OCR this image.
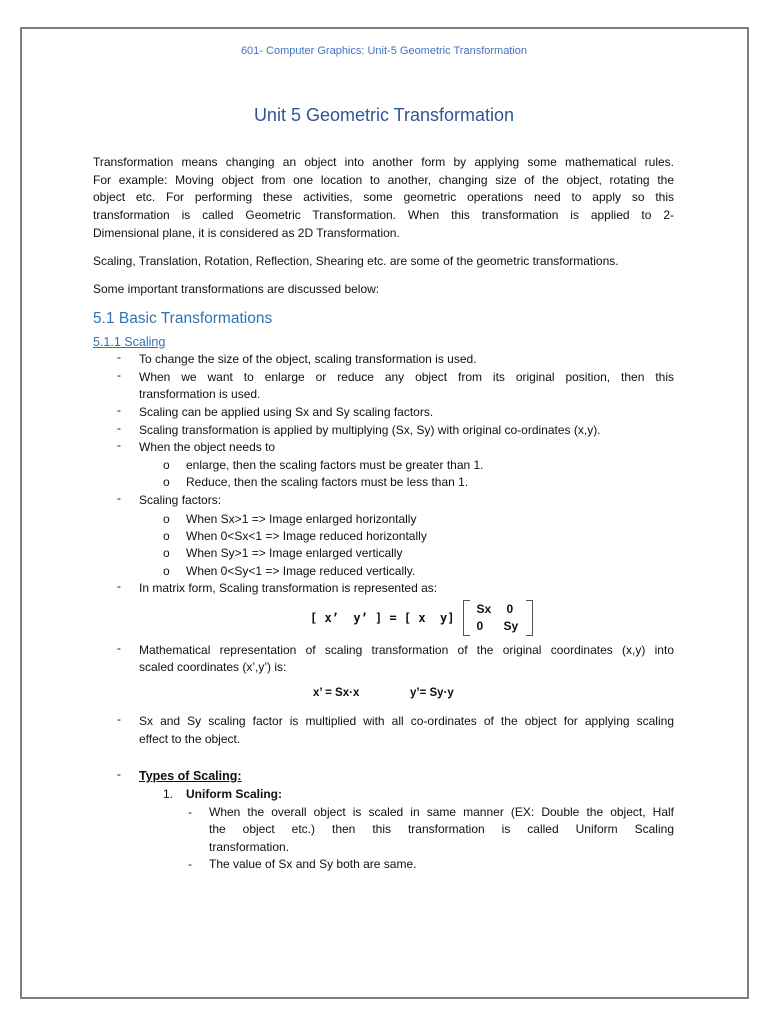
601- Computer Graphics: Unit-5 Geometric Transformation
Unit 5 Geometric Transformation
Transformation means changing an object into another form by applying some mathematical rules.
For example: Moving object from one location to another, changing size of the object, rotating the
object etc. For performing these activities, some geometric operations need to apply so this
transformation is called Geometric Transformation. When this transformation is applied to 2-
Dimensional plane, it is considered as 2D Transformation.
Scaling, Translation, Rotation, Reflection, Shearing etc. are some of the geometric transformations.
Some important transformations are discussed below:
5.1 Basic Transformations
5.1.1 Scaling
-
-
-
-
-
-
-
-
-
-
To change the size of the object, scaling transformation is used.
When we want to enlarge or reduce any object from its original position, then this
transformation is used.
Scaling can be applied using Sx and Sy scaling factors.
Scaling transformation is applied by multiplying (Sx, Sy) with original co-ordinates (x,y).
When the object needs to
o enlarge, then the scaling factors must be greater than 1.
o Reduce, then the scaling factors must be less than 1.
Scaling factors:
o When Sx>1 => Image enlarged horizontally
o When 0<Sx<1 => Image reduced horizontally
o When Sy>1 => Image enlarged vertically
o When 0<Sy<1 => Image reduced vertically.
In matrix form, Scaling transformation is represented as:
[ x’  y’ ] = [ x  y]
Sx 0
0 Sy
Mathematical representation of scaling transformation of the original coordinates (x,y) into
scaled coordinates (x’,y’) is:
x’ = Sx·x	y’= Sy·y
Sx and Sy scaling factor is multiplied with all co-ordinates of the object for applying scaling
effect to the object.
Types of Scaling:
1. Uniform Scaling:
- When the overall object is scaled in same manner (EX: Double the object, Half
the object etc.) then this transformation is called Uniform Scaling
transformation.
- The value of Sx and Sy both are same.
